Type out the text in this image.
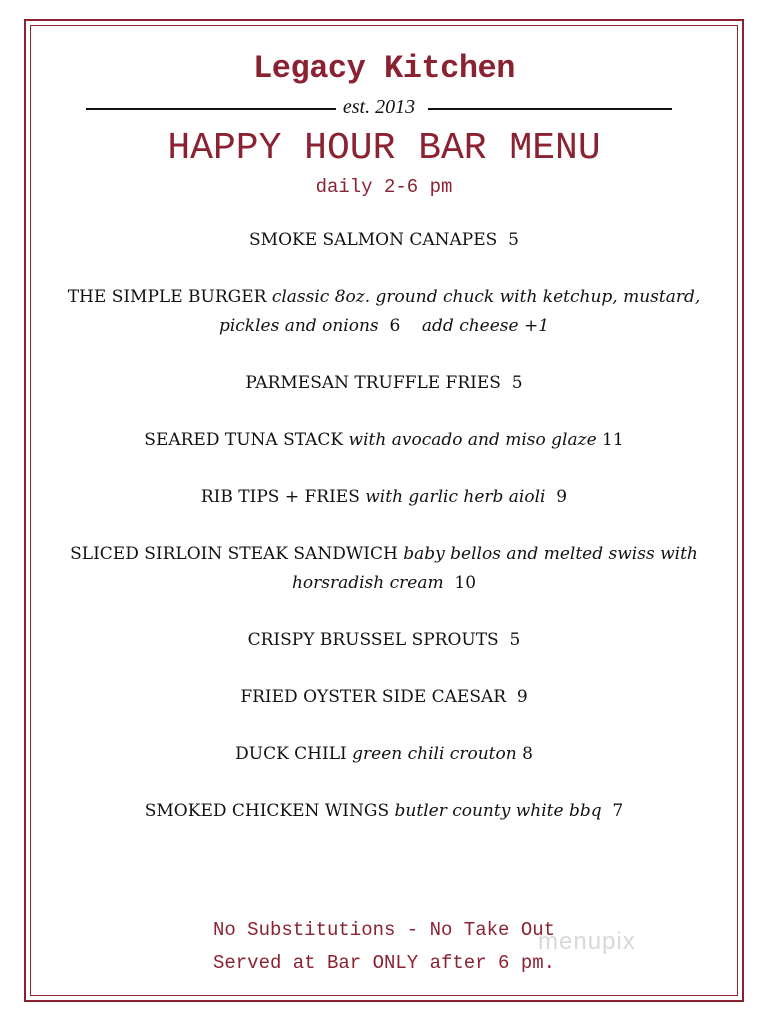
Legacy Kitchen
est. 2013
HAPPY HOUR BAR MENU
daily 2-6 pm
SMOKE SALMON CANAPES 5
THE SIMPLE BURGER classic 8oz. ground chuck with ketchup, mustard, pickles and onions 6 add cheese +1
PARMESAN TRUFFLE FRIES 5
SEARED TUNA STACK with avocado and miso glaze 11
RIB TIPS + FRIES with garlic herb aioli 9
SLICED SIRLOIN STEAK SANDWICH baby bellos and melted swiss with horsradish cream 10
CRISPY BRUSSEL SPROUTS 5
FRIED OYSTER SIDE CAESAR 9
DUCK CHILI green chili crouton 8
SMOKED CHICKEN WINGS butler county white bbq 7
No Substitutions - No Take Out
Served at Bar ONLY after 6 pm.
menupix
